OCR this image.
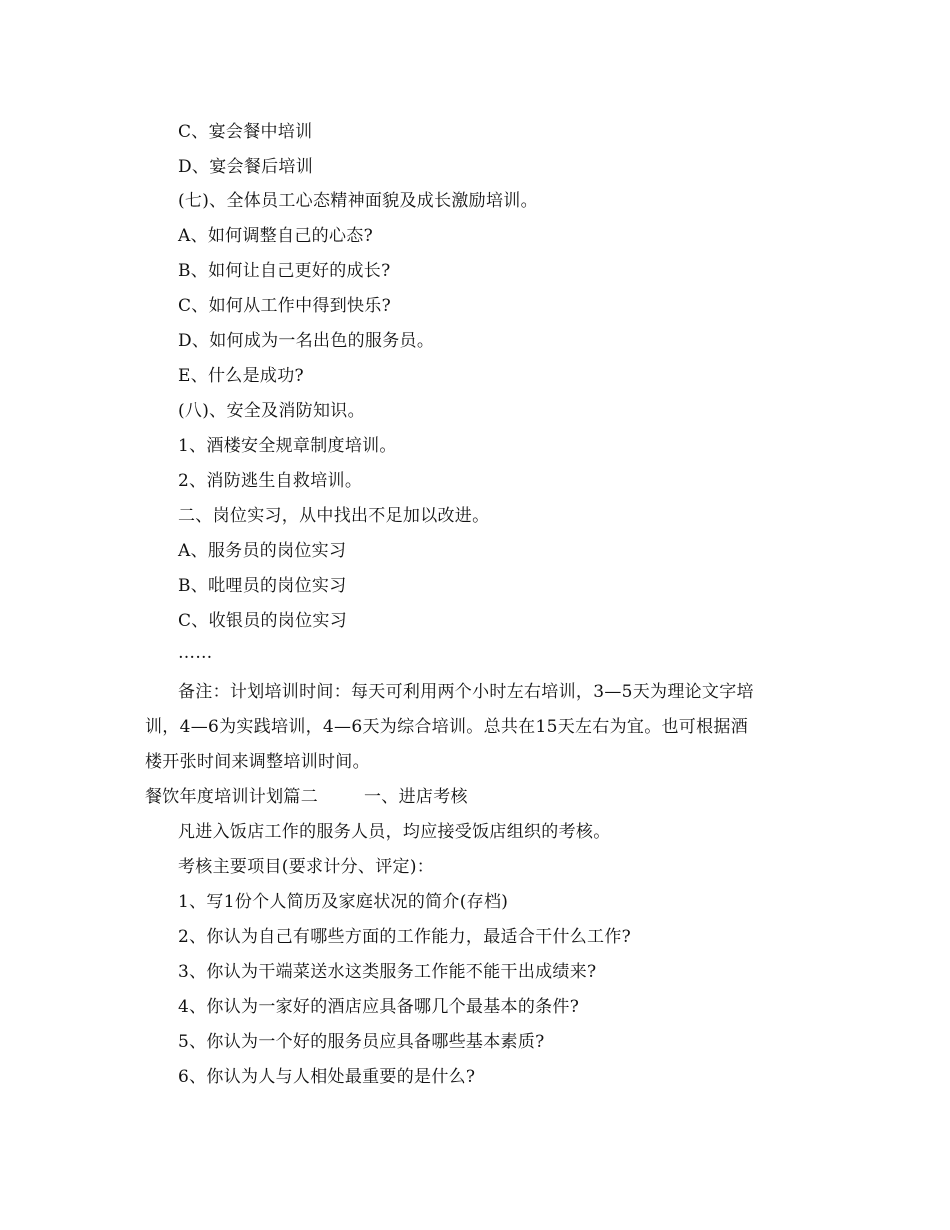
C、宴会餐中培训
D、宴会餐后培训
(七)、全体员工心态精神面貌及成长激励培训。
A、如何调整自己的心态?
B、如何让自己更好的成长?
C、如何从工作中得到快乐?
D、如何成为一名出色的服务员。
E、什么是成功?
(八)、安全及消防知识。
1、酒楼安全规章制度培训。
2、消防逃生自救培训。
二、岗位实习，从中找出不足加以改进。
A、服务员的岗位实习
B、吡哩员的岗位实习
C、收银员的岗位实习
……
备注：计划培训时间：每天可利用两个小时左右培训，3—5天为理论文字培
训，4—6为实践培训，4—6天为综合培训。总共在15天左右为宜。也可根据酒
楼开张时间来调整培训时间。
餐饮年度培训计划篇二	一、进店考核
凡进入饭店工作的服务人员，均应接受饭店组织的考核。
考核主要项目(要求计分、评定)：
1、写1份个人简历及家庭状况的简介(存档)
2、你认为自己有哪些方面的工作能力，最适合干什么工作?
3、你认为干端菜送水这类服务工作能不能干出成绩来?
4、你认为一家好的酒店应具备哪几个最基本的条件?
5、你认为一个好的服务员应具备哪些基本素质?
6、你认为人与人相处最重要的是什么?
